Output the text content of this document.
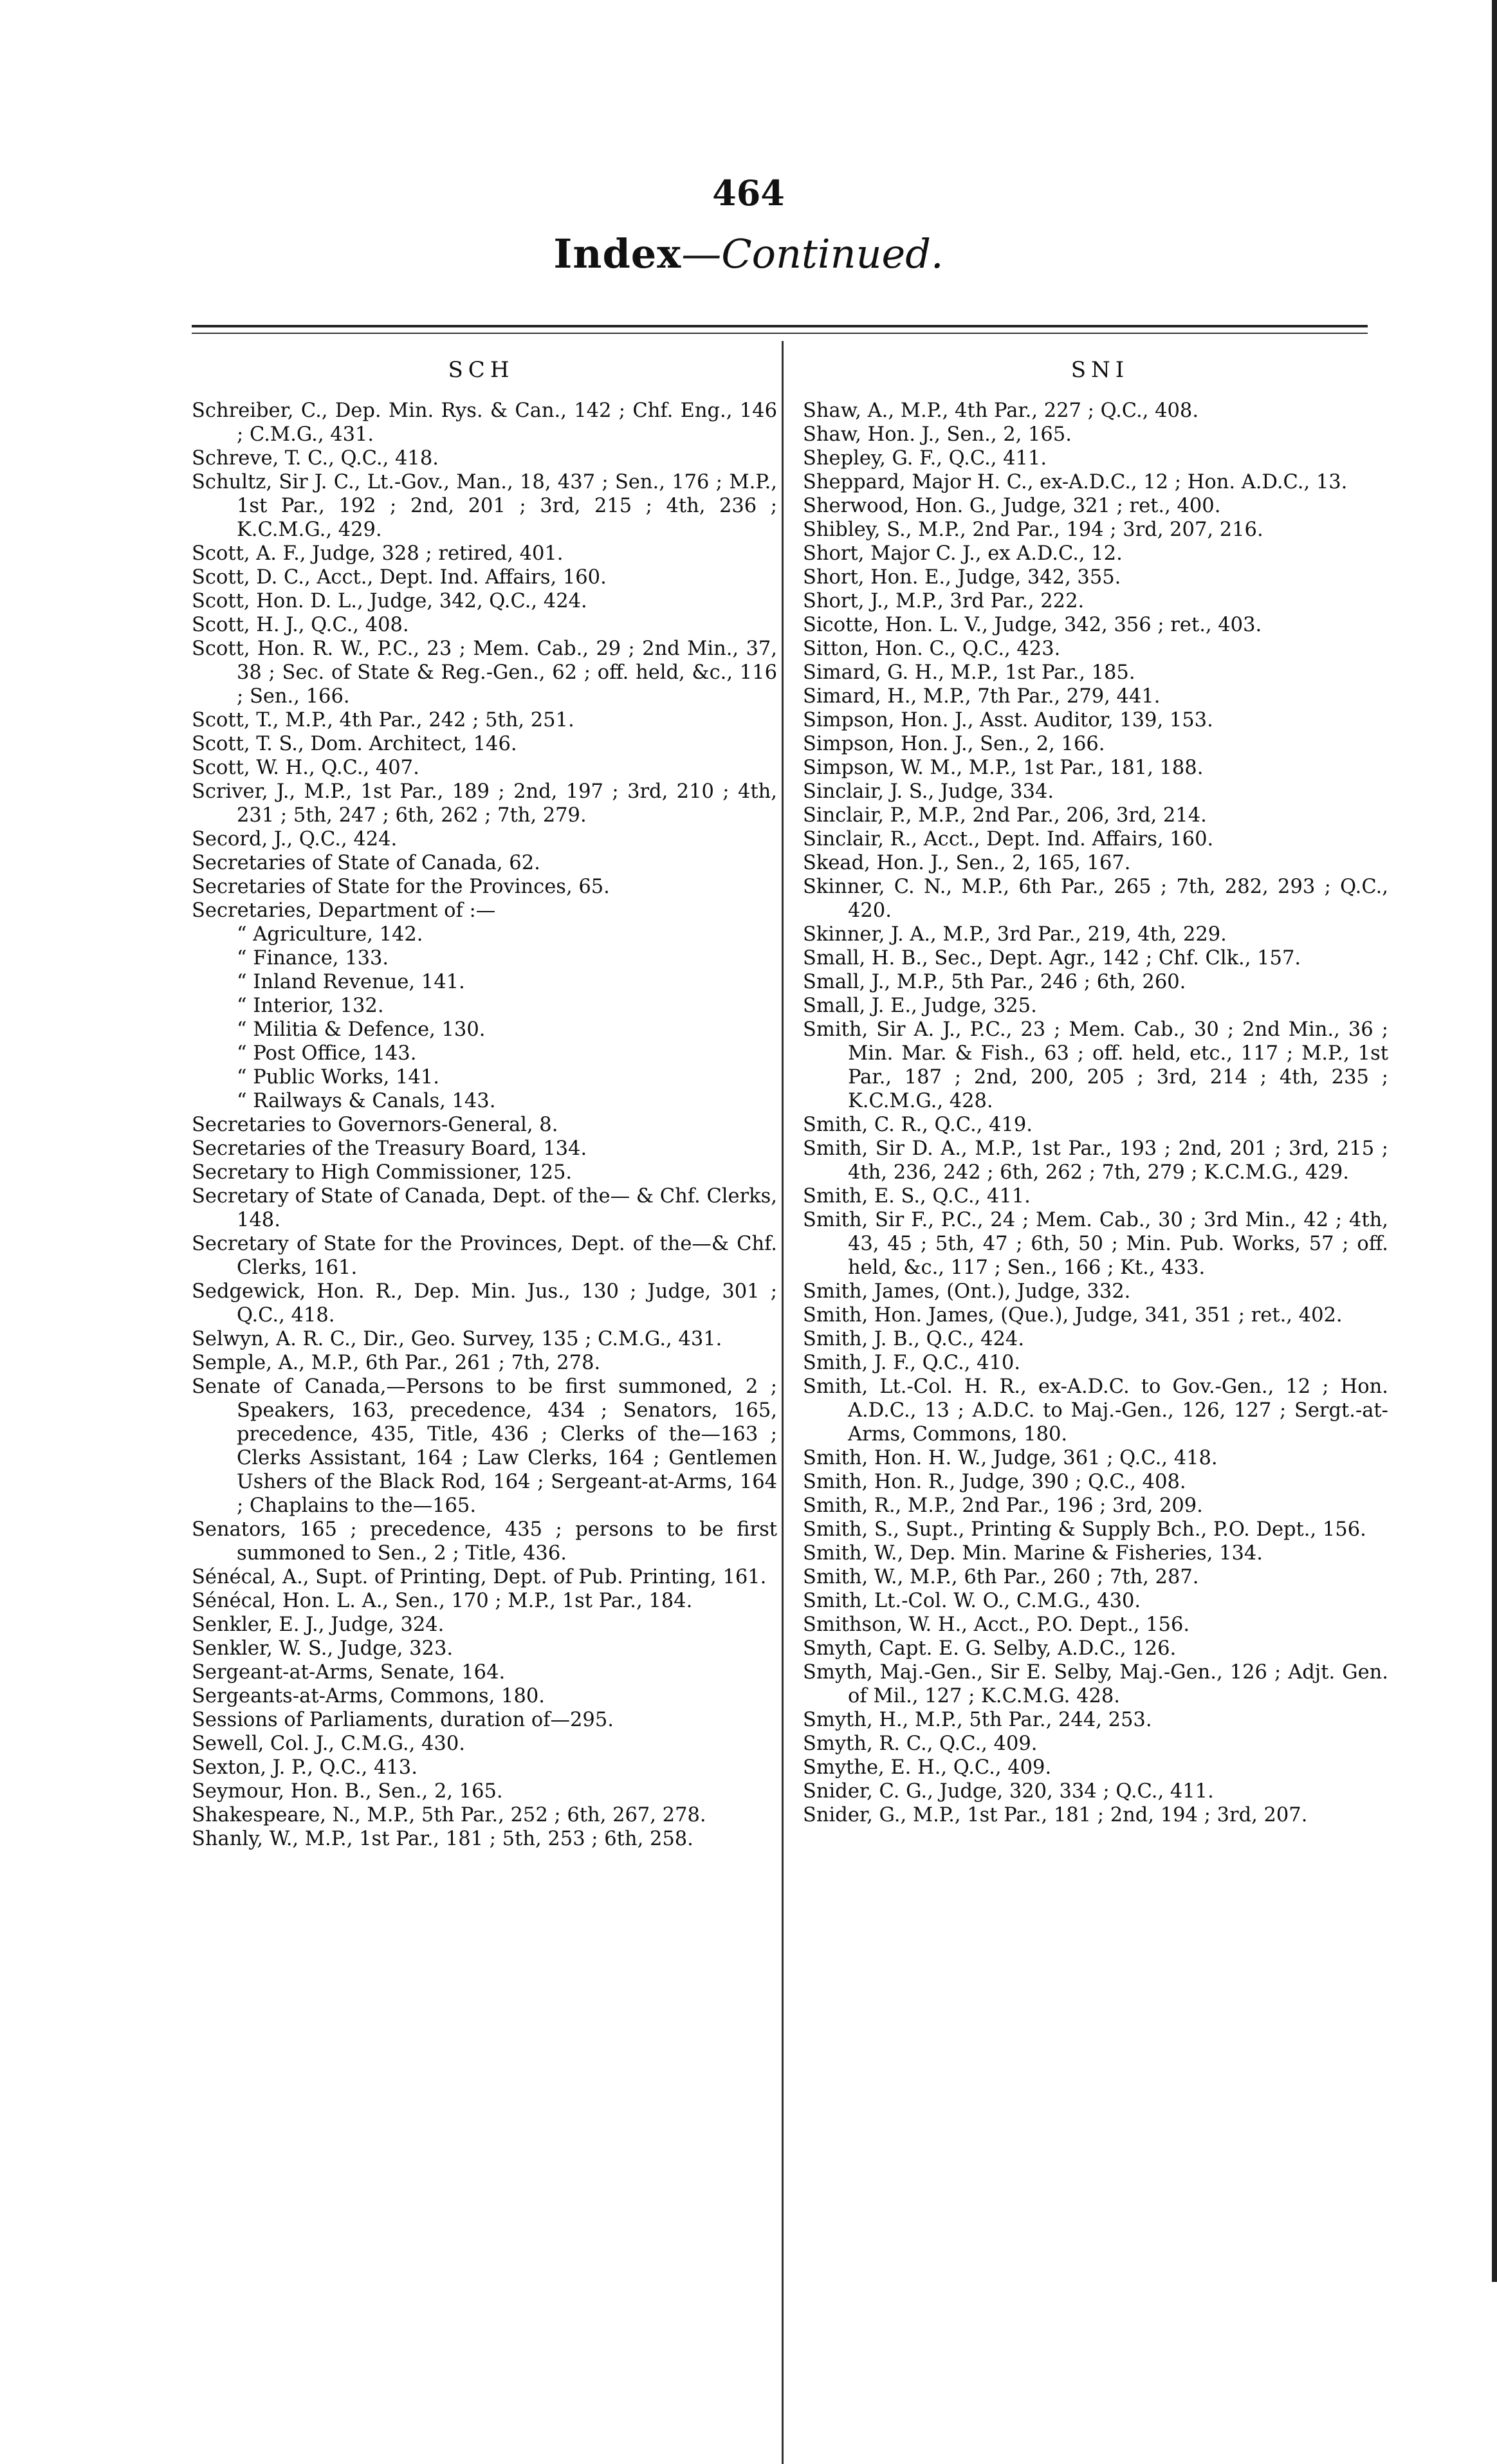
464
Index—Continued.
SCH	SNI

Schreiber, C., Dep. Min. Rys. & Can., 142 ; Chf. Eng., 146 ; C.M.G., 431.

Schreve, T. C., Q.C., 418.

Schultz, Sir J. C., Lt.-Gov., Man., 18, 437 ; Sen., 176 ; M.P., 1st Par., 192 ; 2nd, 201 ; 3rd, 215 ; 4th, 236 ; K.C.M.G., 429.

Scott, A. F., Judge, 328 ; retired, 401.

Scott, D. C., Acct., Dept. Ind. Affairs, 160.

Scott, Hon. D. L., Judge, 342, Q.C., 424.

Scott, H. J., Q.C., 408.

Scott, Hon. R. W., P.C., 23 ; Mem. Cab., 29 ; 2nd Min., 37, 38 ; Sec. of State & Reg.-Gen., 62 ; off. held, &c., 116 ; Sen., 166.

Scott, T., M.P., 4th Par., 242 ; 5th, 251.

Scott, T. S., Dom. Architect, 146.

Scott, W. H., Q.C., 407.

Scriver, J., M.P., 1st Par., 189 ; 2nd, 197 ; 3rd, 210 ; 4th, 231 ; 5th, 247 ; 6th, 262 ; 7th, 279.

Secord, J., Q.C., 424.

Secretaries of State of Canada, 62.

Secretaries of State for the Provinces, 65.

Secretaries, Department of :—

“ Agriculture, 142.

“ Finance, 133.

“ Inland Revenue, 141.

“ Interior, 132.

“ Militia & Defence, 130.

“ Post Office, 143.

“ Public Works, 141.

“ Railways & Canals, 143.

Secretaries to Governors-General, 8.

Secretaries of the Treasury Board, 134.

Secretary to High Commissioner, 125.

Secretary of State of Canada, Dept. of the— & Chf. Clerks, 148.

Secretary of State for the Provinces, Dept. of the—& Chf. Clerks, 161.

Sedgewick, Hon. R., Dep. Min. Jus., 130 ; Judge, 301 ; Q.C., 418.

Selwyn, A. R. C., Dir., Geo. Survey, 135 ; C.M.G., 431.

Semple, A., M.P., 6th Par., 261 ; 7th, 278.

Senate of Canada,—Persons to be first summoned, 2 ; Speakers, 163, precedence, 434 ; Senators, 165, precedence, 435, Title, 436 ; Clerks of the—163 ; Clerks Assistant, 164 ; Law Clerks, 164 ; Gentlemen Ushers of the Black Rod, 164 ; Sergeant-at-Arms, 164 ; Chaplains to the—165.

Senators, 165 ; precedence, 435 ; persons to be first summoned to Sen., 2 ; Title, 436.

Sénécal, A., Supt. of Printing, Dept. of Pub. Printing, 161.

Sénécal, Hon. L. A., Sen., 170 ; M.P., 1st Par., 184.

Senkler, E. J., Judge, 324.

Senkler, W. S., Judge, 323.

Sergeant-at-Arms, Senate, 164.

Sergeants-at-Arms, Commons, 180.

Sessions of Parliaments, duration of—295.

Sewell, Col. J., C.M.G., 430.

Sexton, J. P., Q.C., 413.

Seymour, Hon. B., Sen., 2, 165.

Shakespeare, N., M.P., 5th Par., 252 ; 6th, 267, 278.

Shanly, W., M.P., 1st Par., 181 ; 5th, 253 ; 6th, 258.

Shaw, A., M.P., 4th Par., 227 ; Q.C., 408.

Shaw, Hon. J., Sen., 2, 165.

Shepley, G. F., Q.C., 411.

Sheppard, Major H. C., ex-A.D.C., 12 ; Hon. A.D.C., 13.

Sherwood, Hon. G., Judge, 321 ; ret., 400.

Shibley, S., M.P., 2nd Par., 194 ; 3rd, 207, 216.

Short, Major C. J., ex A.D.C., 12.

Short, Hon. E., Judge, 342, 355.

Short, J., M.P., 3rd Par., 222.

Sicotte, Hon. L. V., Judge, 342, 356 ; ret., 403.

Sitton, Hon. C., Q.C., 423.

Simard, G. H., M.P., 1st Par., 185.

Simard, H., M.P., 7th Par., 279, 441.

Simpson, Hon. J., Asst. Auditor, 139, 153.

Simpson, Hon. J., Sen., 2, 166.

Simpson, W. M., M.P., 1st Par., 181, 188.

Sinclair, J. S., Judge, 334.

Sinclair, P., M.P., 2nd Par., 206, 3rd, 214.

Sinclair, R., Acct., Dept. Ind. Affairs, 160.

Skead, Hon. J., Sen., 2, 165, 167.

Skinner, C. N., M.P., 6th Par., 265 ; 7th, 282, 293 ; Q.C., 420.

Skinner, J. A., M.P., 3rd Par., 219, 4th, 229.

Small, H. B., Sec., Dept. Agr., 142 ; Chf. Clk., 157.

Small, J., M.P., 5th Par., 246 ; 6th, 260.

Small, J. E., Judge, 325.

Smith, Sir A. J., P.C., 23 ; Mem. Cab., 30 ; 2nd Min., 36 ; Min. Mar. & Fish., 63 ; off. held, etc., 117 ; M.P., 1st Par., 187 ; 2nd, 200, 205 ; 3rd, 214 ; 4th, 235 ; K.C.M.G., 428.

Smith, C. R., Q.C., 419.

Smith, Sir D. A., M.P., 1st Par., 193 ; 2nd, 201 ; 3rd, 215 ; 4th, 236, 242 ; 6th, 262 ; 7th, 279 ; K.C.M.G., 429.

Smith, E. S., Q.C., 411.

Smith, Sir F., P.C., 24 ; Mem. Cab., 30 ; 3rd Min., 42 ; 4th, 43, 45 ; 5th, 47 ; 6th, 50 ; Min. Pub. Works, 57 ; off. held, &c., 117 ; Sen., 166 ; Kt., 433.

Smith, James, (Ont.), Judge, 332.

Smith, Hon. James, (Que.), Judge, 341, 351 ; ret., 402.

Smith, J. B., Q.C., 424.

Smith, J. F., Q.C., 410.

Smith, Lt.-Col. H. R., ex-A.D.C. to Gov.-Gen., 12 ; Hon. A.D.C., 13 ; A.D.C. to Maj.-Gen., 126, 127 ; Sergt.-at-Arms, Commons, 180.

Smith, Hon. H. W., Judge, 361 ; Q.C., 418.

Smith, Hon. R., Judge, 390 ; Q.C., 408.

Smith, R., M.P., 2nd Par., 196 ; 3rd, 209.

Smith, S., Supt., Printing & Supply Bch., P.O. Dept., 156.

Smith, W., Dep. Min. Marine & Fisheries, 134.

Smith, W., M.P., 6th Par., 260 ; 7th, 287.

Smith, Lt.-Col. W. O., C.M.G., 430.

Smithson, W. H., Acct., P.O. Dept., 156.

Smyth, Capt. E. G. Selby, A.D.C., 126.

Smyth, Maj.-Gen., Sir E. Selby, Maj.-Gen., 126 ; Adjt. Gen. of Mil., 127 ; K.C.M.G. 428.

Smyth, H., M.P., 5th Par., 244, 253.

Smyth, R. C., Q.C., 409.

Smythe, E. H., Q.C., 409.

Snider, C. G., Judge, 320, 334 ; Q.C., 411.

Snider, G., M.P., 1st Par., 181 ; 2nd, 194 ; 3rd, 207.
